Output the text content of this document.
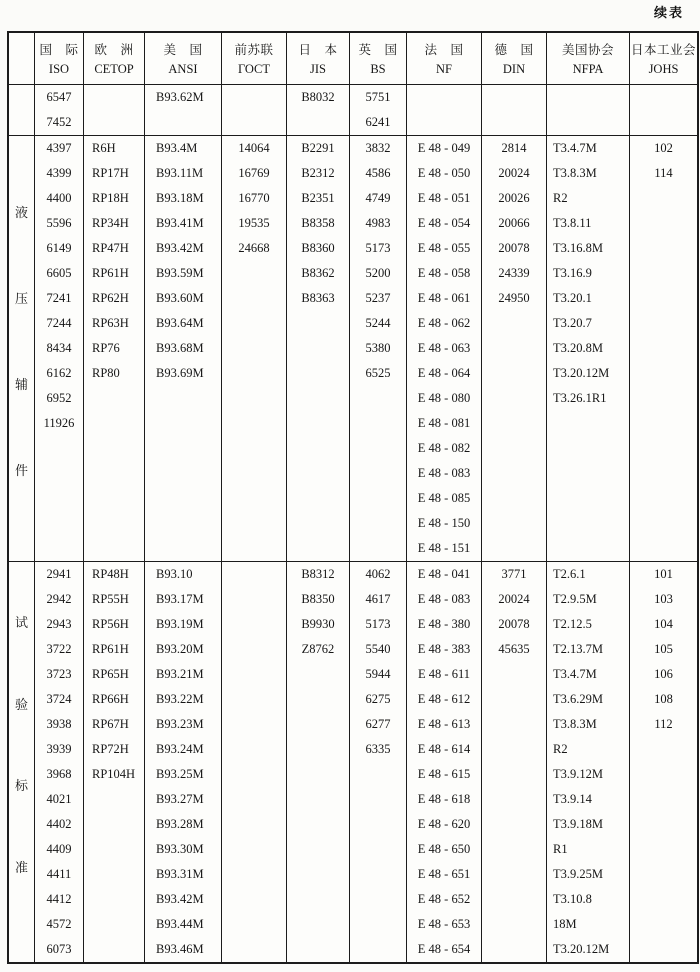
续表
国　际
ISO
欧　洲
CETOP
美　国
ANSI
前苏联
ГОСТ
日　本
JIS
英　国
BS
法　国
NF
德　国
DIN
美国协会
NFPA
日本工业会
JOHS
6547
7452
B93.62M	B8032	5751
6241
液
压
辅
件
4397
4399
4400
5596
6149
6605
7241
7244
8434
6162
6952
11926
R6H
RP17H
RP18H
RP34H
RP47H
RP61H
RP62H
RP63H
RP76
RP80
B93.4M
B93.11M
B93.18M
B93.41M
B93.42M
B93.59M
B93.60M
B93.64M
B93.68M
B93.69M
14064
16769
16770
19535
24668
B2291
B2312
B2351
B8358
B8360
B8362
B8363
3832
4586
4749
4983
5173
5200
5237
5244
5380
6525
E 48 - 049
E 48 - 050
E 48 - 051
E 48 - 054
E 48 - 055
E 48 - 058
E 48 - 061
E 48 - 062
E 48 - 063
E 48 - 064
E 48 - 080
E 48 - 081
E 48 - 082
E 48 - 083
E 48 - 085
E 48 - 150
E 48 - 151
2814
20024
20026
20066
20078
24339
24950
T3.4.7M
T3.8.3M
R2
T3.8.11
T3.16.8M
T3.16.9
T3.20.1
T3.20.7
T3.20.8M
T3.20.12M
T3.26.1R1
102
114
试
验
标
准
2941
2942
2943
3722
3723
3724
3938
3939
3968
4021
4402
4409
4411
4412
4572
6073
RP48H
RP55H
RP56H
RP61H
RP65H
RP66H
RP67H
RP72H
RP104H
B93.10
B93.17M
B93.19M
B93.20M
B93.21M
B93.22M
B93.23M
B93.24M
B93.25M
B93.27M
B93.28M
B93.30M
B93.31M
B93.42M
B93.44M
B93.46M
B8312
B8350
B9930
Z8762
4062
4617
5173
5540
5944
6275
6277
6335
E 48 - 041
E 48 - 083
E 48 - 380
E 48 - 383
E 48 - 611
E 48 - 612
E 48 - 613
E 48 - 614
E 48 - 615
E 48 - 618
E 48 - 620
E 48 - 650
E 48 - 651
E 48 - 652
E 48 - 653
E 48 - 654
3771
20024
20078
45635
T2.6.1
T2.9.5M
T2.12.5
T2.13.7M
T3.4.7M
T3.6.29M
T3.8.3M
R2
T3.9.12M
T3.9.14
T3.9.18M
R1
T3.9.25M
T3.10.8
18M
T3.20.12M
101
103
104
105
106
108
112
